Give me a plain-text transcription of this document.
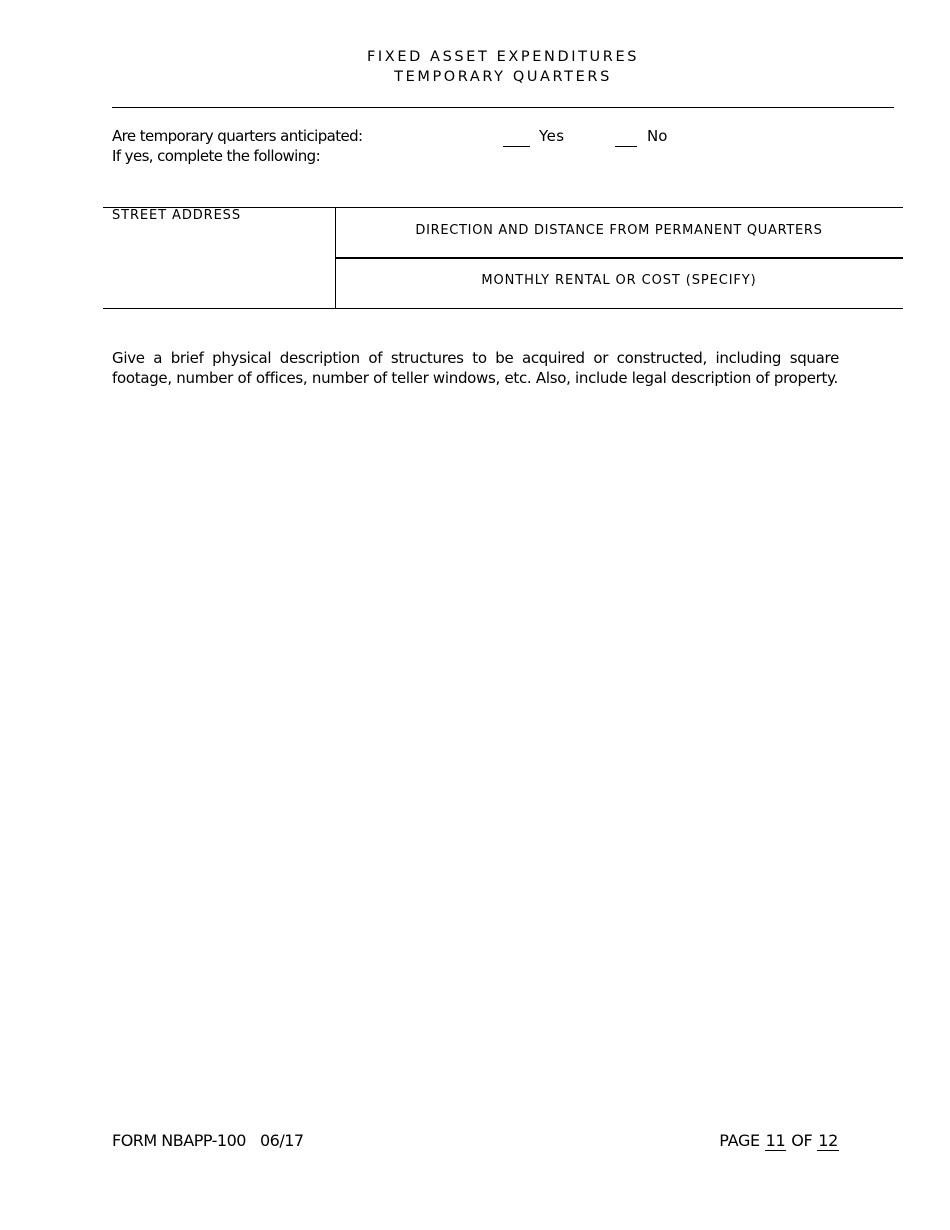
FIXED ASSET EXPENDITURES
TEMPORARY QUARTERS
Are temporary quarters anticipated:
If yes, complete the following:
Yes	No
STREET ADDRESS
DIRECTION AND DISTANCE FROM PERMANENT QUARTERS
MONTHLY RENTAL OR COST (SPECIFY)
Give a brief physical description of structures to be acquired or constructed, including square footage, number of offices, number of teller windows, etc. Also, include legal description of property.
FORM NBAPP-100 06/17	PAGE 11 OF 12
